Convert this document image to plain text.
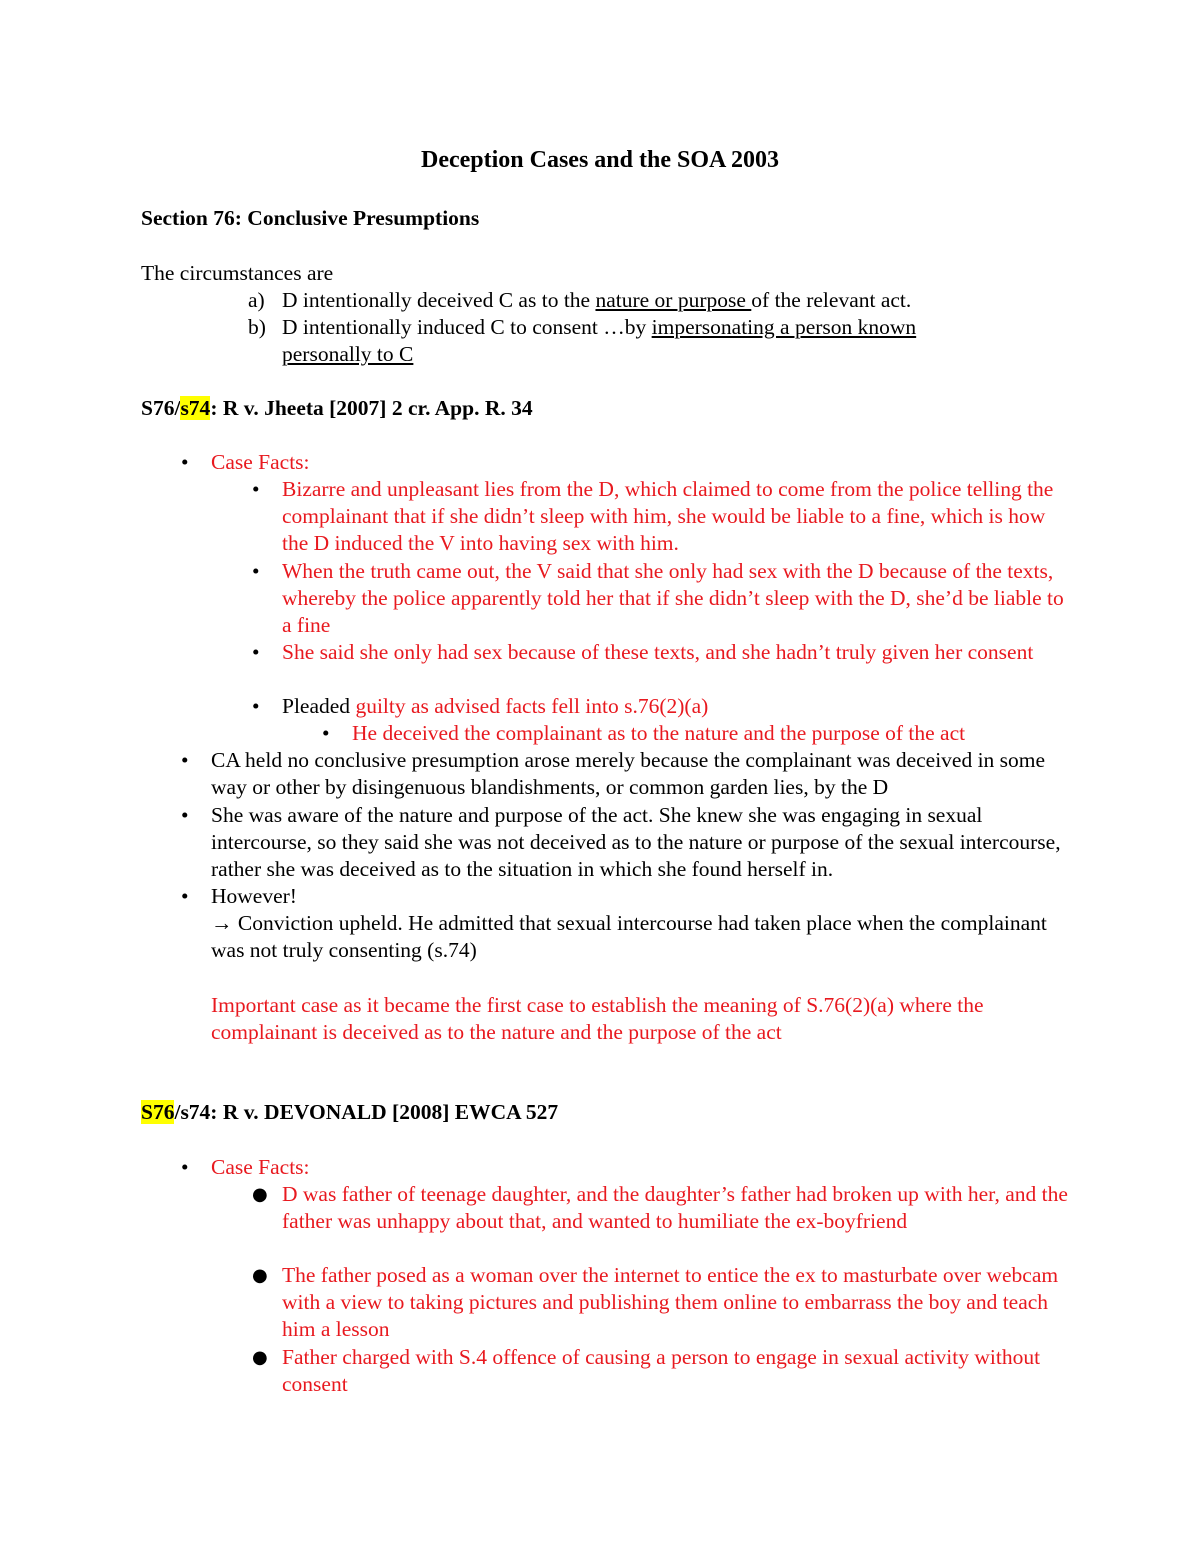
Deception Cases and the SOA 2003
Section 76: Conclusive Presumptions
The circumstances are
a) D intentionally deceived C as to the nature or purpose of the relevant act.
b) D intentionally induced C to consent …by impersonating a person known personally to C
S76/s74: R v. Jheeta [2007] 2 cr. App. R. 34
• Case Facts:
• Bizarre and unpleasant lies from the D, which claimed to come from the police telling the complainant that if she didn’t sleep with him, she would be liable to a fine, which is how the D induced the V into having sex with him.
• When the truth came out, the V said that she only had sex with the D because of the texts, whereby the police apparently told her that if she didn’t sleep with the D, she’d be liable to a fine
• She said she only had sex because of these texts, and she hadn’t truly given her consent
• Pleaded guilty as advised facts fell into s.76(2)(a)
• He deceived the complainant as to the nature and the purpose of the act
• CA held no conclusive presumption arose merely because the complainant was deceived in some way or other by disingenuous blandishments, or common garden lies, by the D
• She was aware of the nature and purpose of the act. She knew she was engaging in sexual intercourse, so they said she was not deceived as to the nature or purpose of the sexual intercourse, rather she was deceived as to the situation in which she found herself in.
• However!
→ Conviction upheld. He admitted that sexual intercourse had taken place when the complainant was not truly consenting (s.74)
Important case as it became the first case to establish the meaning of S.76(2)(a) where the complainant is deceived as to the nature and the purpose of the act
S76/s74: R v. DEVONALD [2008] EWCA 527
• Case Facts:
● D was father of teenage daughter, and the daughter’s father had broken up with her, and the father was unhappy about that, and wanted to humiliate the ex-boyfriend
● The father posed as a woman over the internet to entice the ex to masturbate over webcam with a view to taking pictures and publishing them online to embarrass the boy and teach him a lesson
● Father charged with S.4 offence of causing a person to engage in sexual activity without consent
